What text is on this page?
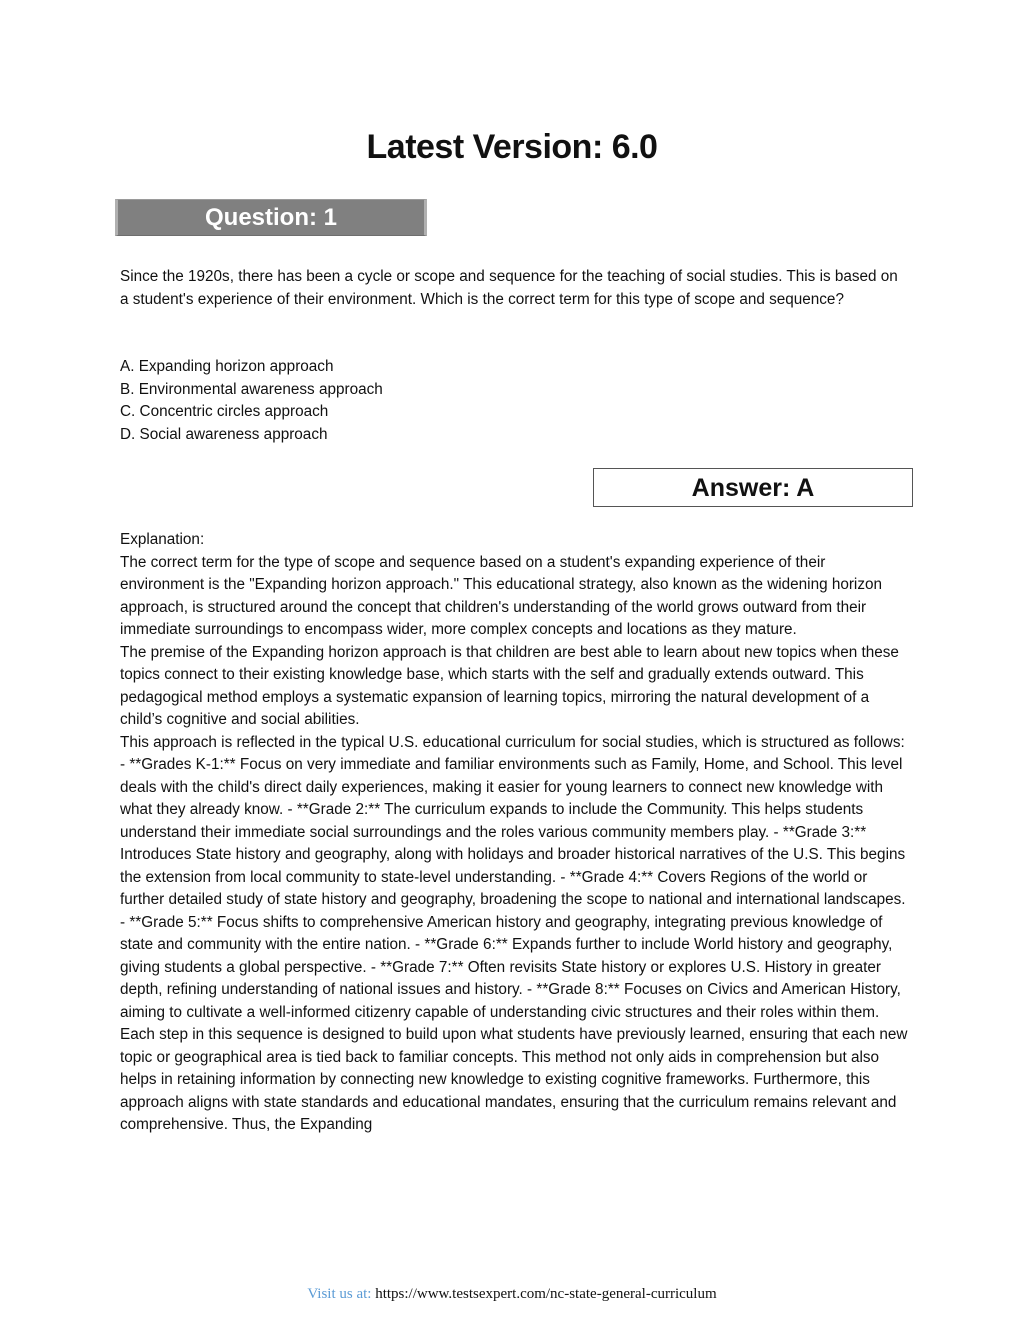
Latest Version: 6.0
Question: 1

Since the 1920s, there has been a cycle or scope and sequence for the teaching of social studies. This is based on a student's experience of their environment. Which is the correct term for this type of scope and sequence?

A. Expanding horizon approach
B. Environmental awareness approach
C. Concentric circles approach
D. Social awareness approach
Answer: A

Explanation:

The correct term for the type of scope and sequence based on a student's expanding experience of their environment is the "Expanding horizon approach." This educational strategy, also known as the widening horizon approach, is structured around the concept that children's understanding of the world grows outward from their immediate surroundings to encompass wider, more complex concepts and locations as they mature.

The premise of the Expanding horizon approach is that children are best able to learn about new topics when these topics connect to their existing knowledge base, which starts with the self and gradually extends outward. This pedagogical method employs a systematic expansion of learning topics, mirroring the natural development of a child’s cognitive and social abilities.

This approach is reflected in the typical U.S. educational curriculum for social studies, which is structured as follows: - **Grades K-1:** Focus on very immediate and familiar environments such as Family, Home, and School. This level deals with the child's direct daily experiences, making it easier for young learners to connect new knowledge with what they already know. - **Grade 2:** The curriculum expands to include the Community. This helps students understand their immediate social surroundings and the roles various community members play. - **Grade 3:** Introduces State history and geography, along with holidays and broader historical narratives of the U.S. This begins the extension from local community to state-level understanding. - **Grade 4:** Covers Regions of the world or further detailed study of state history and geography, broadening the scope to national and international landscapes. - **Grade 5:** Focus shifts to comprehensive American history and geography, integrating previous knowledge of state and community with the entire nation. - **Grade 6:** Expands further to include World history and geography, giving students a global perspective. - **Grade 7:** Often revisits State history or explores U.S. History in greater depth, refining understanding of national issues and history. - **Grade 8:** Focuses on Civics and American History, aiming to cultivate a well-informed citizenry capable of understanding civic structures and their roles within them.

Each step in this sequence is designed to build upon what students have previously learned, ensuring that each new topic or geographical area is tied back to familiar concepts. This method not only aids in comprehension but also helps in retaining information by connecting new knowledge to existing cognitive frameworks. Furthermore, this approach aligns with state standards and educational mandates, ensuring that the curriculum remains relevant and comprehensive. Thus, the Expanding

Visit us at: https://www.testsexpert.com/nc-state-general-curriculum
